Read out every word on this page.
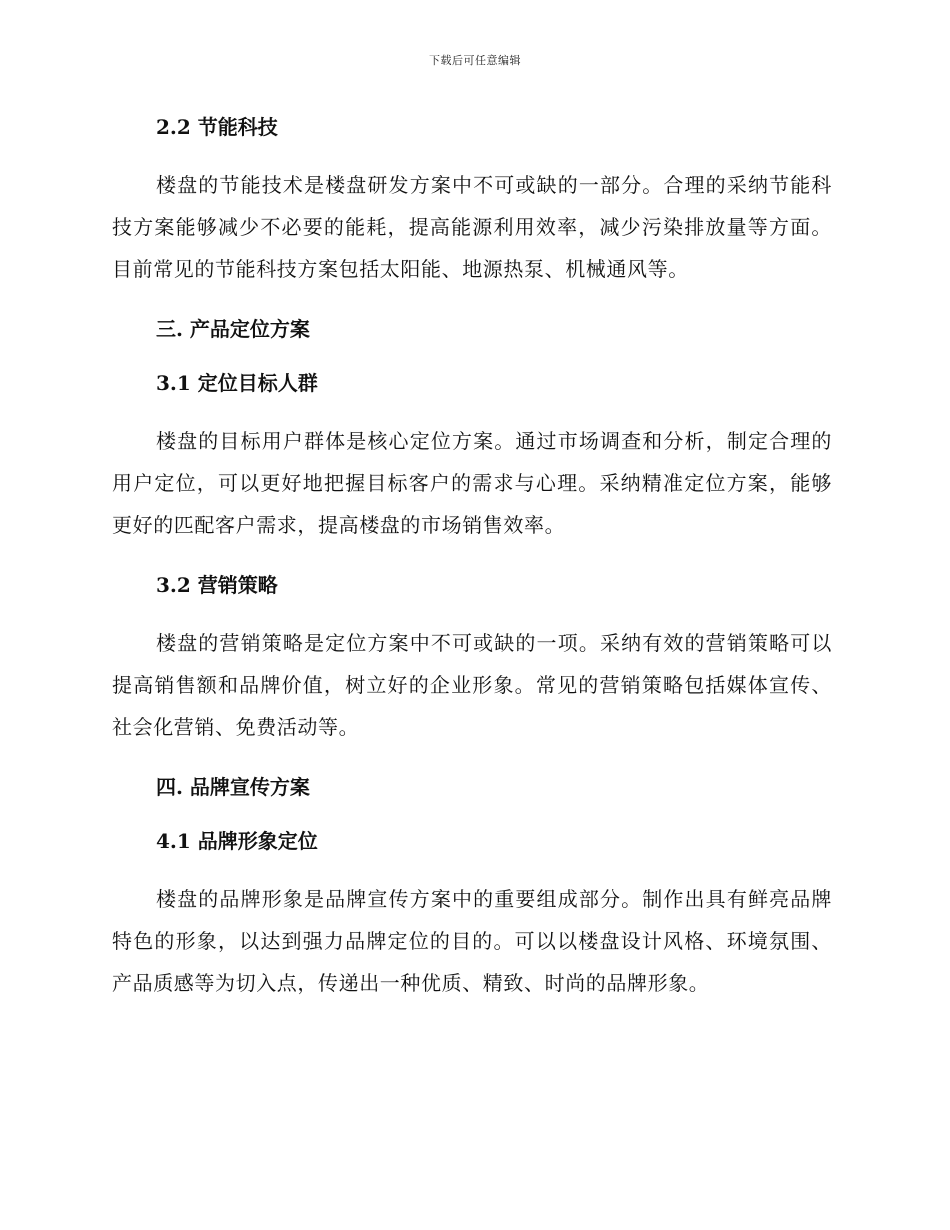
下载后可任意编辑
2.2 节能科技

楼盘的节能技术是楼盘研发方案中不可或缺的一部分。合理的采纳节能科技方案能够减少不必要的能耗，提高能源利用效率，减少污染排放量等方面。目前常见的节能科技方案包括太阳能、地源热泵、机械通风等。

三. 产品定位方案
3.1 定位目标人群

楼盘的目标用户群体是核心定位方案。通过市场调查和分析，制定合理的用户定位，可以更好地把握目标客户的需求与心理。采纳精准定位方案，能够更好的匹配客户需求，提高楼盘的市场销售效率。

3.2 营销策略

楼盘的营销策略是定位方案中不可或缺的一项。采纳有效的营销策略可以提高销售额和品牌价值，树立好的企业形象。常见的营销策略包括媒体宣传、社会化营销、免费活动等。

四. 品牌宣传方案
4.1 品牌形象定位

楼盘的品牌形象是品牌宣传方案中的重要组成部分。制作出具有鲜亮品牌特色的形象，以达到强力品牌定位的目的。可以以楼盘设计风格、环境氛围、产品质感等为切入点，传递出一种优质、精致、时尚的品牌形象。
